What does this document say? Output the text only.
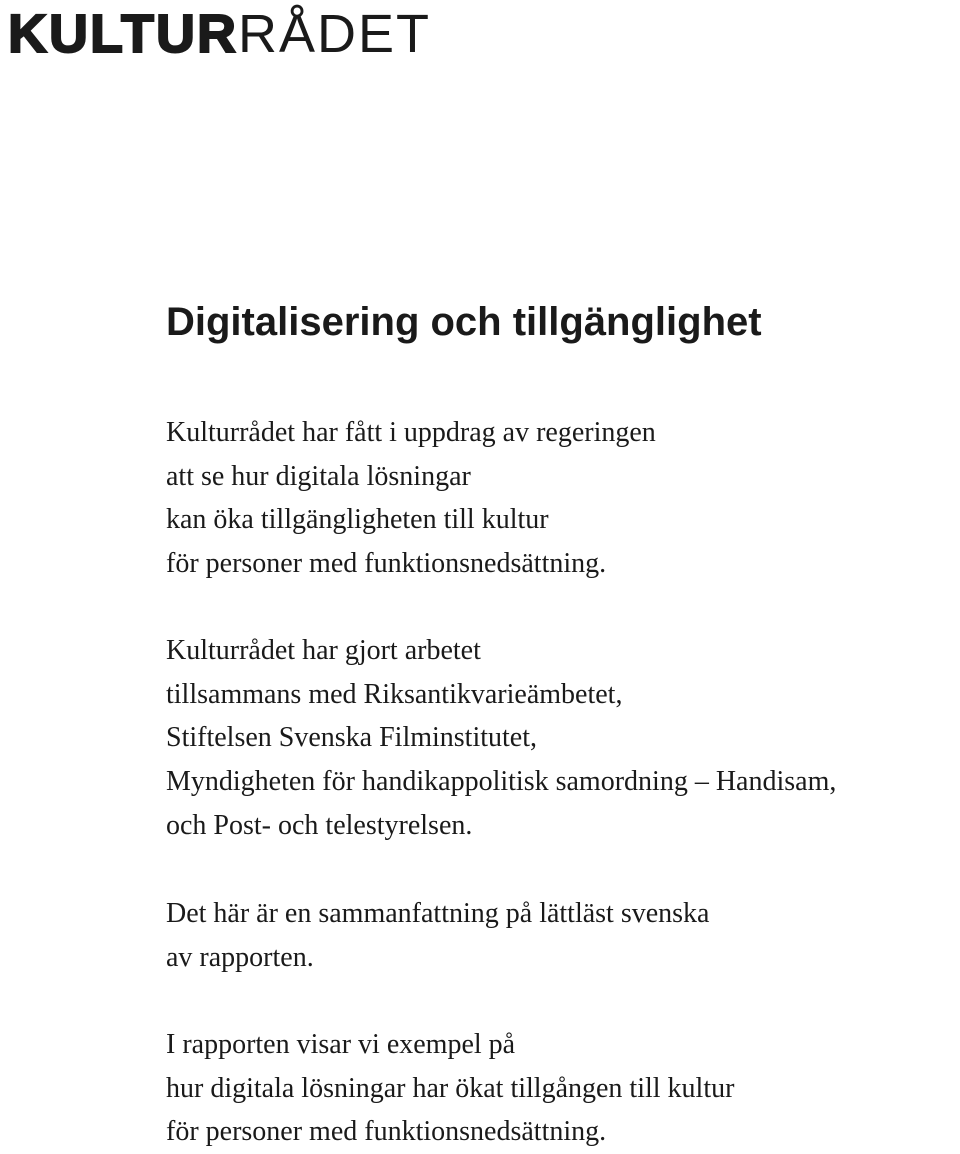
KULTUR RÅDET
Digitalisering och tillgänglighet
Kulturrådet har fått i uppdrag av regeringen
att se hur digitala lösningar
kan öka tillgängligheten till kultur
för personer med funktionsnedsättning.
Kulturrådet har gjort arbetet
tillsammans med Riksantikvarieämbetet,
Stiftelsen Svenska Filminstitutet,
Myndigheten för handikappolitisk samordning – Handisam,
och Post- och telestyrelsen.
Det här är en sammanfattning på lättläst svenska
av rapporten.
I rapporten visar vi exempel på
hur digitala lösningar har ökat tillgången till kultur
för personer med funktionsnedsättning.
